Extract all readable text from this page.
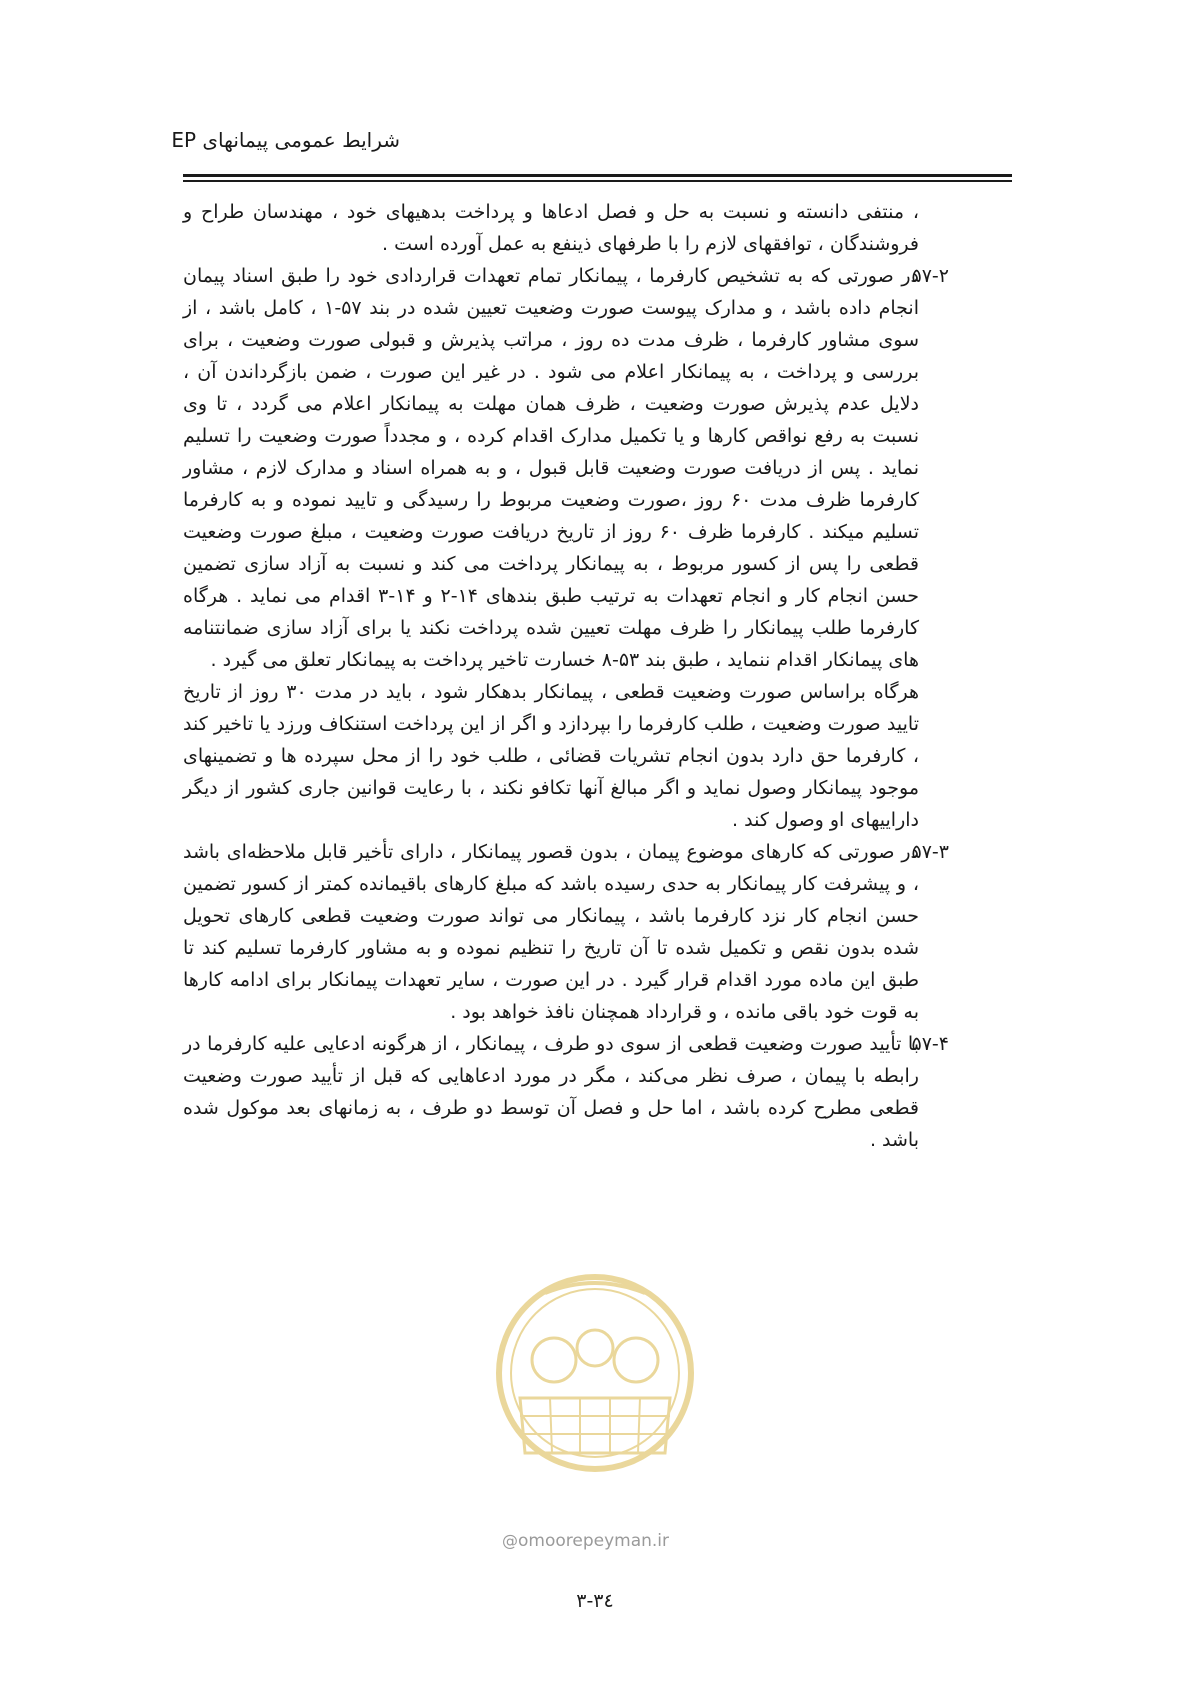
شرایط عمومی پیمانهای EP

، منتفی دانسته و نسبت به حل و فصل ادعاها و پرداخت بدهیهای خود ، مهندسان طراح و فروشندگان ، توافقهای لازم را با طرفهای ذینفع به عمل آورده است .

۵۷-۲در صورتی که به تشخیص کارفرما ، پیمانکار تمام تعهدات قراردادی خود را طبق اسناد پیمان انجام داده باشد ، و مدارک پیوست صورت وضعیت تعیین شده در بند ۵۷-۱ ، کامل باشد ، از سوی مشاور کارفرما ، ظرف مدت ده روز ، مراتب پذیرش و قبولی صورت وضعیت ، برای بررسی و پرداخت ، به پیمانکار اعلام می شود . در غیر این صورت ، ضمن بازگرداندن آن ، دلایل عدم پذیرش صورت وضعیت ، ظرف همان مهلت به پیمانکار اعلام می گردد ، تا وی نسبت به رفع نواقص کارها و یا تکمیل مدارک اقدام کرده ، و مجدداً صورت وضعیت را تسلیم نماید . پس از دریافت صورت وضعیت قابل قبول ، و به همراه اسناد و مدارک لازم ، مشاور کارفرما ظرف مدت ۶۰ روز ،صورت وضعیت مربوط را رسیدگی و تایید نموده و به کارفرما تسلیم میکند . کارفرما ظرف ۶۰ روز از تاریخ دریافت صورت وضعیت ، مبلغ صورت وضعیت قطعی را پس از کسور مربوط ، به پیمانکار پرداخت می کند و نسبت به آزاد سازی تضمین حسن انجام کار و انجام تعهدات به ترتیب طبق بندهای ۱۴-۲ و ۱۴-۳ اقدام می نماید . هرگاه کارفرما طلب پیمانکار را ظرف مهلت تعیین شده پرداخت نکند یا برای آزاد سازی ضمانتنامه های پیمانکار اقدام ننماید ، طبق بند ۵۳-۸ خسارت تاخیر پرداخت به پیمانکار تعلق می گیرد .

هرگاه براساس صورت وضعیت قطعی ، پیمانکار بدهکار شود ، باید در مدت ۳۰ روز از تاریخ تایید صورت وضعیت ، طلب کارفرما را بپردازد و اگر از این پرداخت استنکاف ورزد یا تاخیر کند ، کارفرما حق دارد بدون انجام تشریات قضائی ، طلب خود را از محل سپرده ها و تضمینهای موجود پیمانکار وصول نماید و اگر مبالغ آنها تکافو نکند ، با رعایت قوانین جاری کشور از دیگر داراییهای او وصول کند .

۵۷-۳در صورتی که کارهای موضوع پیمان ، بدون قصور پیمانکار ، دارای تأخیر قابل ملاحظه‌ای باشد ، و پیشرفت کار پیمانکار به حدی رسیده باشد که مبلغ کارهای باقیمانده کمتر از کسور تضمین حسن انجام کار نزد کارفرما باشد ، پیمانکار می تواند صورت وضعیت قطعی کارهای تحویل شده بدون نقص و تکمیل شده تا آن تاریخ را تنظیم نموده و به مشاور کارفرما تسلیم کند تا طبق این ماده مورد اقدام قرار گیرد . در این صورت ، سایر تعهدات پیمانکار برای ادامه کارها به قوت خود باقی مانده ، و قرارداد همچنان نافذ خواهد بود .

۵۷-۴با تأیید صورت وضعیت قطعی از سوی دو طرف ، پیمانکار ، از هرگونه ادعایی علیه کارفرما در رابطه با پیمان ، صرف نظر می‌کند ، مگر در مورد ادعاهایی که قبل از تأیید صورت وضعیت قطعی مطرح کرده باشد ، اما حل و فصل آن توسط دو طرف ، به زمانهای بعد موکول شده باشد .

@omoorepeyman.ir
۳-۳٤
